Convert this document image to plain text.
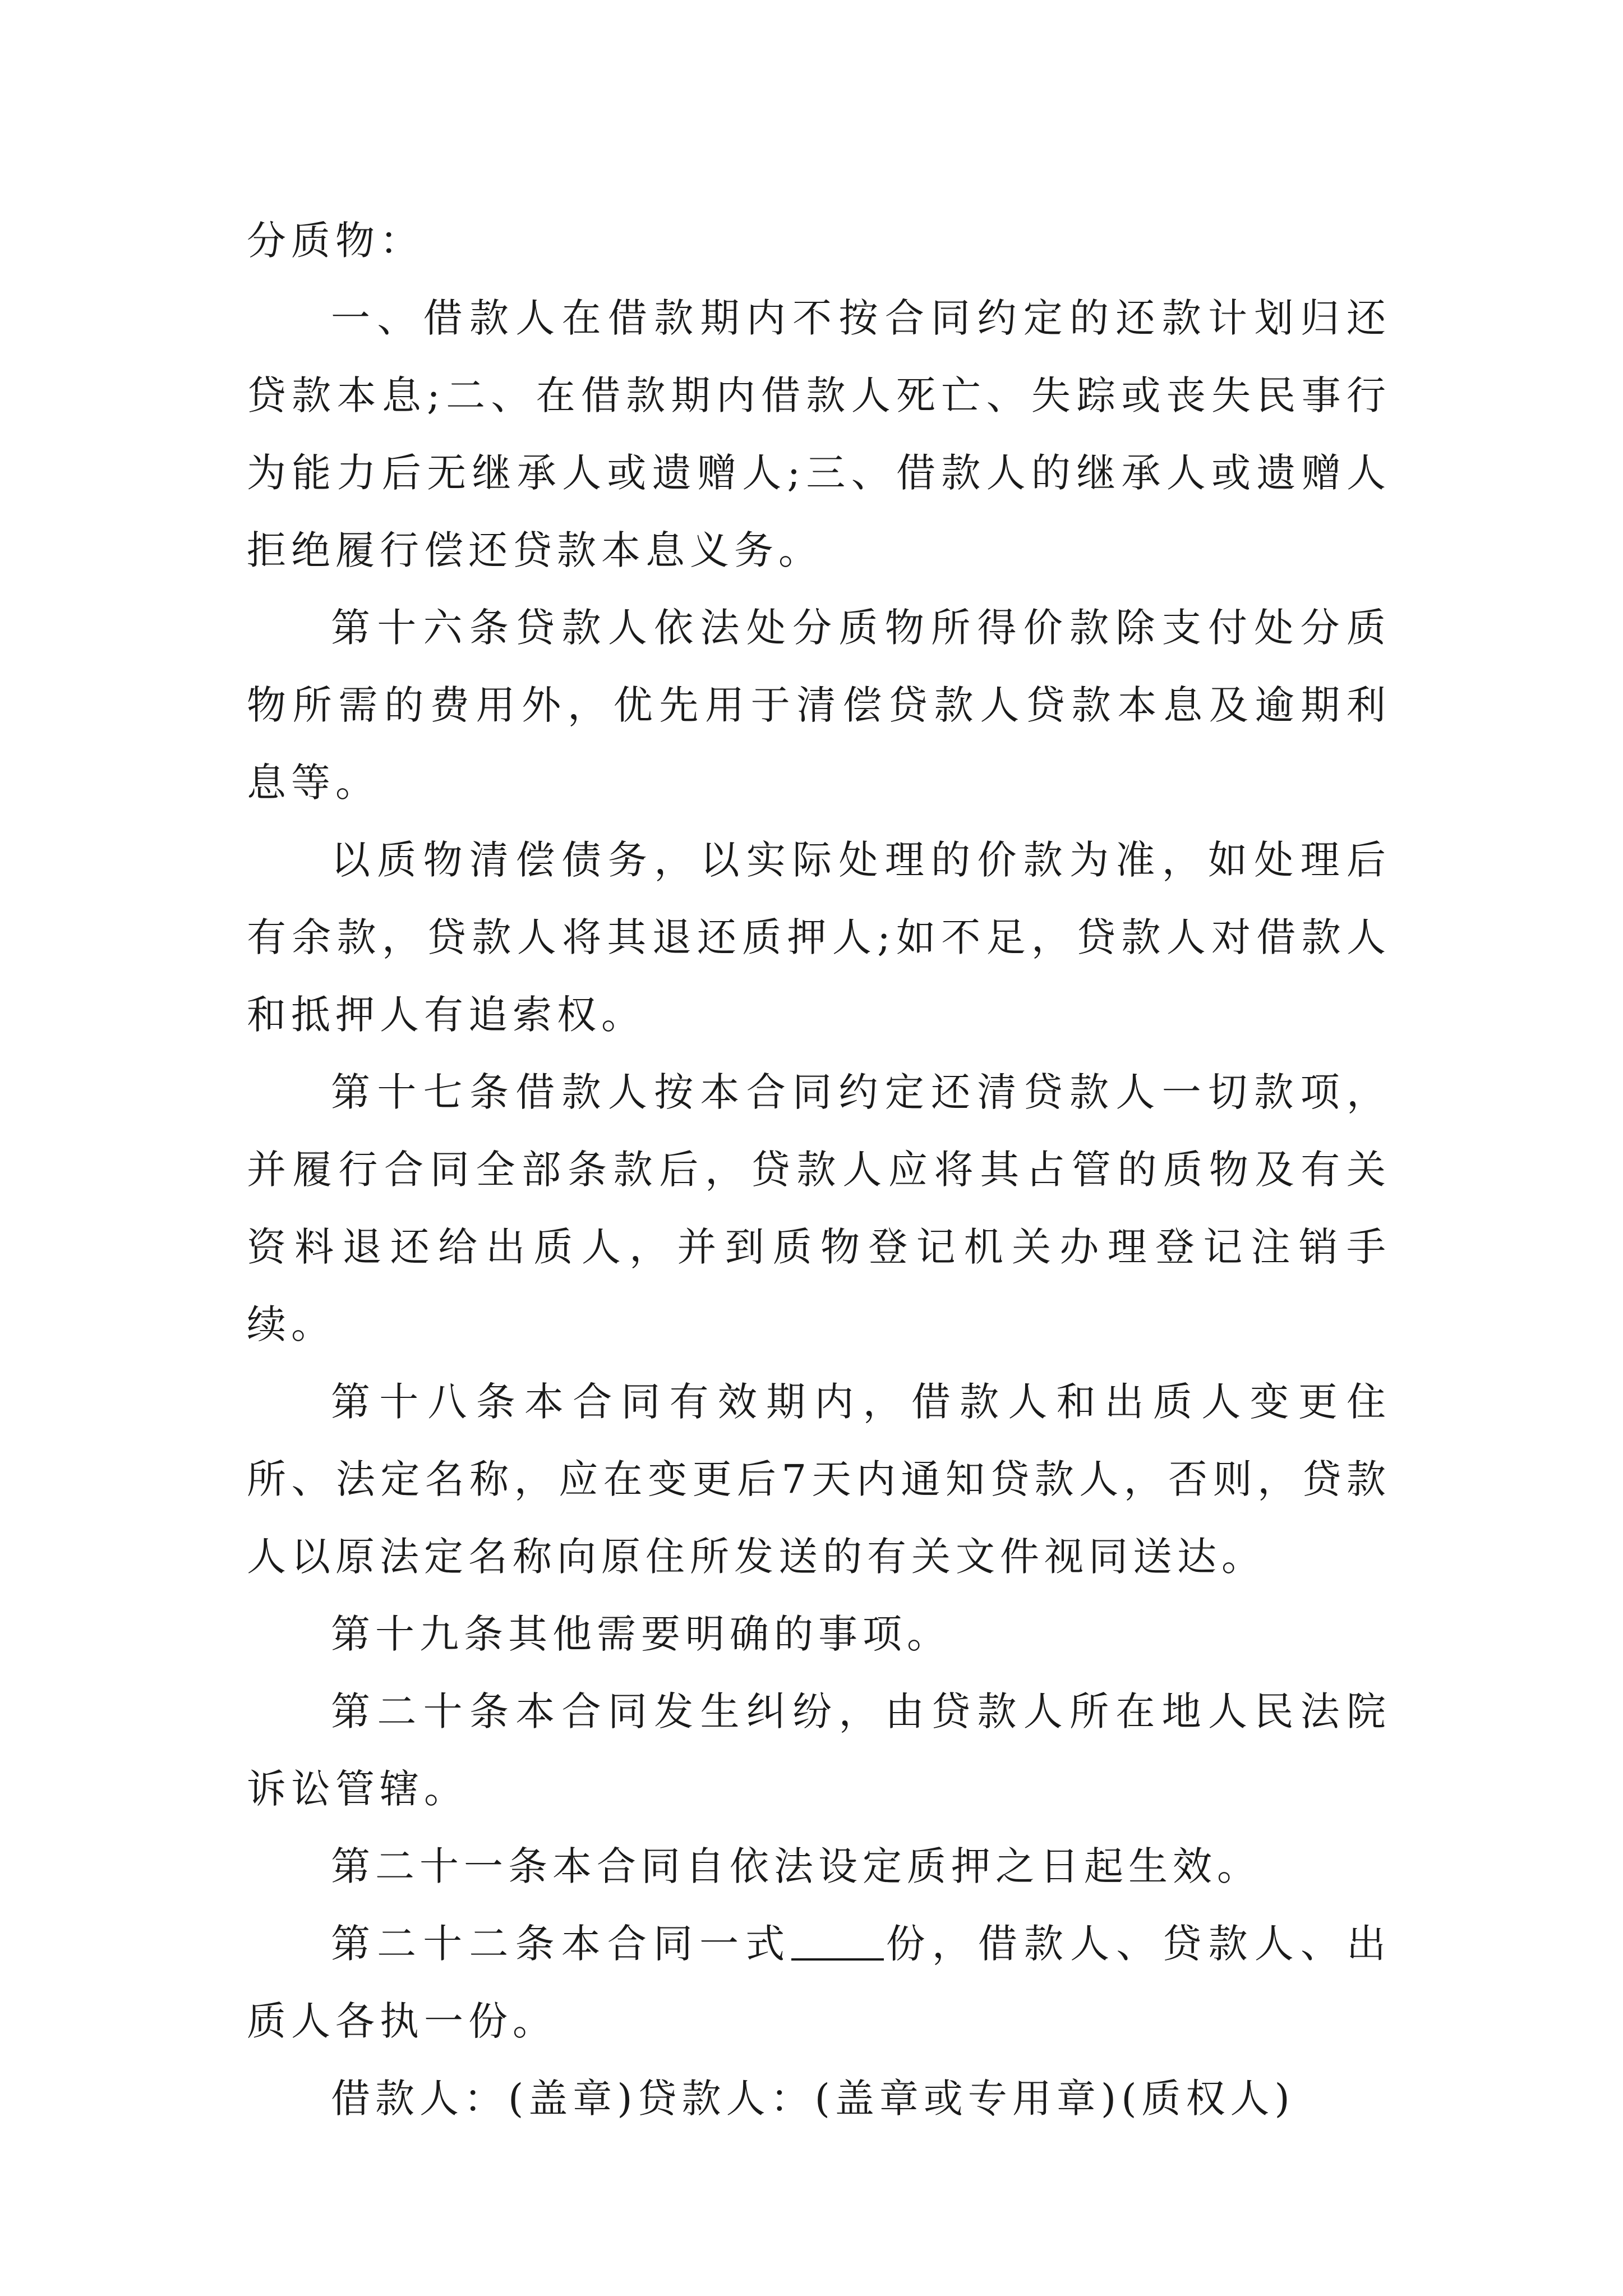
分质物：

一、借款人在借款期内不按合同约定的还款计划归还贷款本息;二、在借款期内借款人死亡、失踪或丧失民事行为能力后无继承人或遗赠人;三、借款人的继承人或遗赠人拒绝履行偿还贷款本息义务。

第十六条贷款人依法处分质物所得价款除支付处分质物所需的费用外，优先用于清偿贷款人贷款本息及逾期利息等。

以质物清偿债务，以实际处理的价款为准，如处理后有余款，贷款人将其退还质押人;如不足，贷款人对借款人和抵押人有追索权。

第十七条借款人按本合同约定还清贷款人一切款项，并履行合同全部条款后，贷款人应将其占管的质物及有关资料退还给出质人，并到质物登记机关办理登记注销手续。

第十八条本合同有效期内，借款人和出质人变更住所、法定名称，应在变更后7天内通知贷款人，否则，贷款人以原法定名称向原住所发送的有关文件视同送达。

第十九条其他需要明确的事项。

第二十条本合同发生纠纷，由贷款人所在地人民法院诉讼管辖。

第二十一条本合同自依法设定质押之日起生效。

第二十二条本合同一式 份，借款人、贷款人、出质人各执一份。

借款人：(盖章)贷款人：(盖章或专用章)(质权人)
